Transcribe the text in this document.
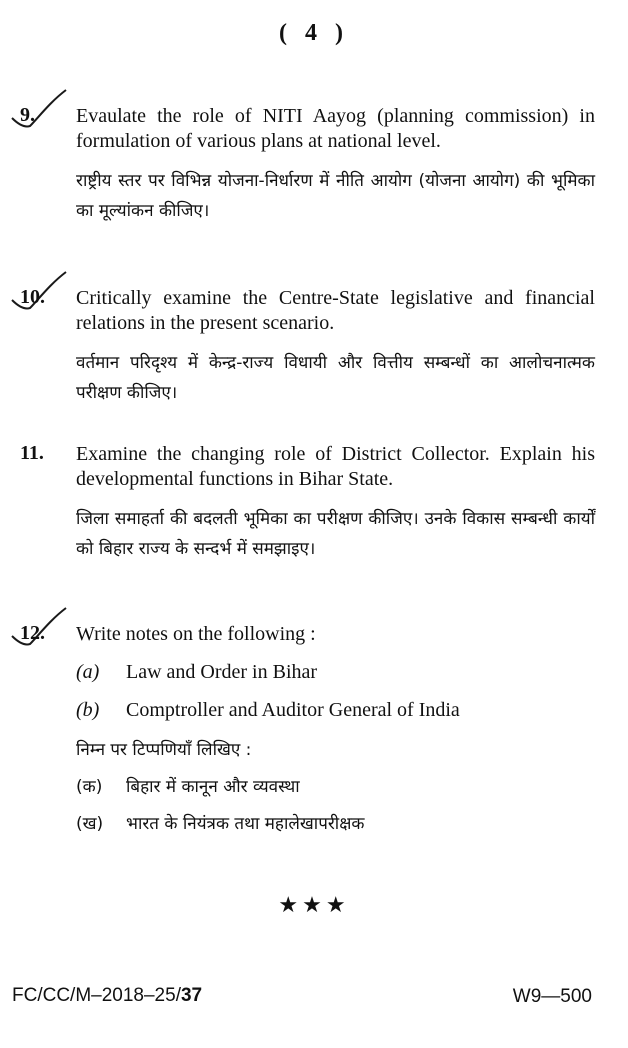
( 4 )
9.	Evaulate the role of NITI Aayog (planning commission) in formulation of various plans at national level.

राष्ट्रीय स्तर पर विभिन्न योजना-निर्धारण में नीति आयोग (योजना आयोग) की भूमिका का मूल्यांकन कीजिए।

10.	Critically examine the Centre-State legislative and financial relations in the present scenario.

वर्तमान परिदृश्य में केन्द्र-राज्य विधायी और वित्तीय सम्बन्धों का आलोचनात्मक परीक्षण कीजिए।

11.	Examine the changing role of District Collector. Explain his developmental functions in Bihar State.

जिला समाहर्ता की बदलती भूमिका का परीक्षण कीजिए। उनके विकास सम्बन्धी कार्यों को बिहार राज्य के सन्दर्भ में समझाइए।

12.	Write notes on the following :

(a) Law and Order in Bihar

(b) Comptroller and Auditor General of India

निम्न पर टिप्पणियाँ लिखिए :

(क) बिहार में कानून और व्यवस्था

(ख) भारत के नियंत्रक तथा महालेखापरीक्षक

★★★
FC/CC/M–2018–25/37	W9—500
